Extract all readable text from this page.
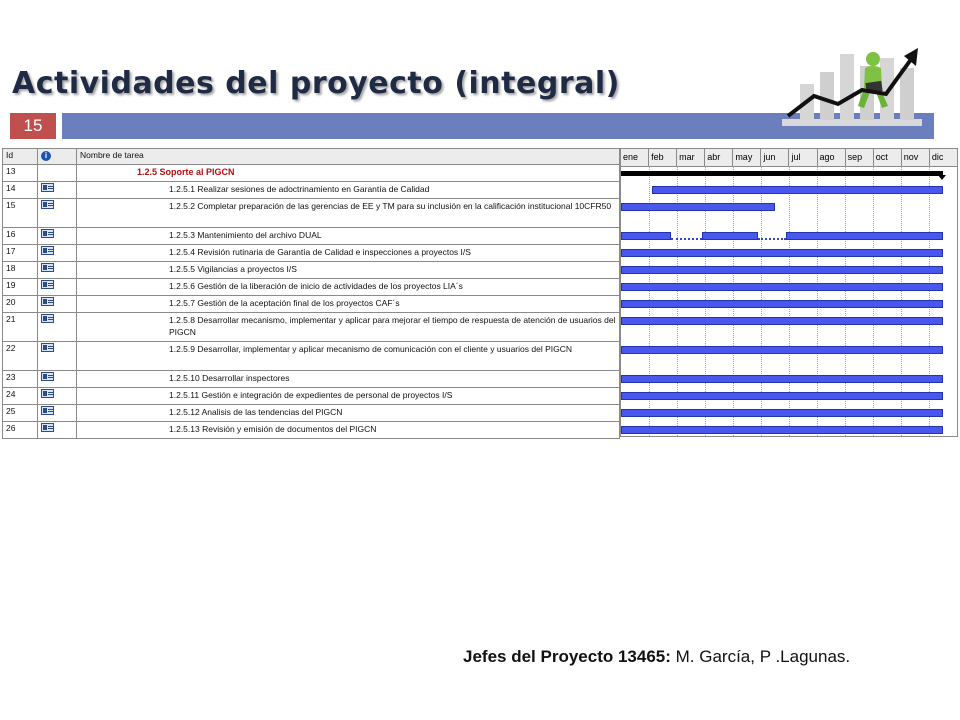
Actividades del proyecto (integral)
15
Id	i	Nombre de tarea
13		1.2.5 Soporte al PIGCN
14		1.2.5.1 Realizar sesiones de adoctrinamiento en Garantía de Calidad
15		1.2.5.2 Completar preparación de las gerencias de EE y TM para su inclusión en la calificación institucional 10CFR50
16		1.2.5.3 Mantenimiento del archivo DUAL
17		1.2.5.4 Revisión rutinaria de Garantía de Calidad e inspecciones a proyectos I/S
18		1.2.5.5 Vigilancias a proyectos I/S
19		1.2.5.6 Gestión de la liberación de inicio de actividades de los proyectos LIA´s
20		1.2.5.7 Gestión de la aceptación final de los proyectos CAF´s
21		1.2.5.8 Desarrollar mecanismo, implementar y aplicar para mejorar el tiempo de respuesta de atención de usuarios del PIGCN
22		1.2.5.9 Desarrollar, implementar y aplicar mecanismo de comunicación con el cliente y usuarios del PIGCN
23		1.2.5.10 Desarrollar inspectores
24		1.2.5.11 Gestión e integración de expedientes de personal de proyectos I/S
25		1.2.5.12 Analisis de las tendencias del PIGCN
26		1.2.5.13 Revisión y emisión de documentos del PIGCN
ene	feb	mar	abr	may	jun	jul	ago	sep	oct	nov	dic
Jefes del Proyecto 13465: M. García, P .Lagunas.
